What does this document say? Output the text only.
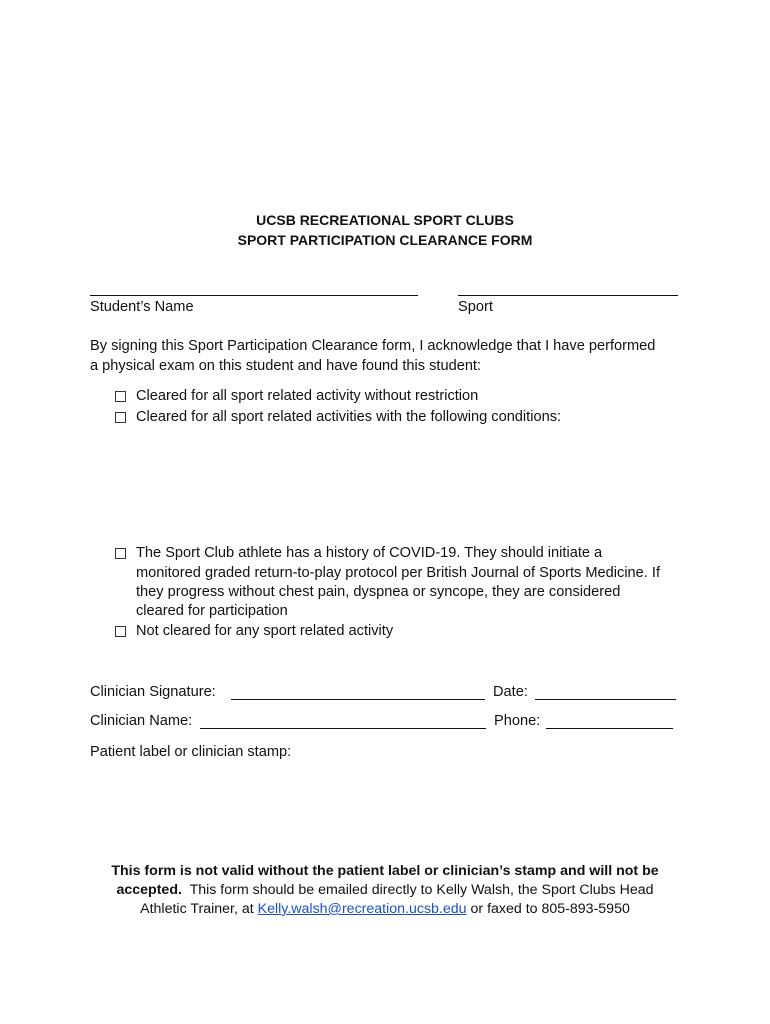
UCSB RECREATIONAL SPORT CLUBS
SPORT PARTICIPATION CLEARANCE FORM
Student’s Name	Sport
By signing this Sport Participation Clearance form, I acknowledge that I have performed
a physical exam on this student and have found this student:
Cleared for all sport related activity without restriction
Cleared for all sport related activities with the following conditions:
The Sport Club athlete has a history of COVID-19. They should initiate a
monitored graded return-to-play protocol per British Journal of Sports Medicine. If
they progress without chest pain, dyspnea or syncope, they are considered
cleared for participation
Not cleared for any sport related activity
Clinician Signature:	Date:
Clinician Name:	Phone:
Patient label or clinician stamp:
This form is not valid without the patient label or clinician’s stamp and will not be
accepted.  This form should be emailed directly to Kelly Walsh, the Sport Clubs Head
Athletic Trainer, at Kelly.walsh@recreation.ucsb.edu or faxed to 805-893-5950
